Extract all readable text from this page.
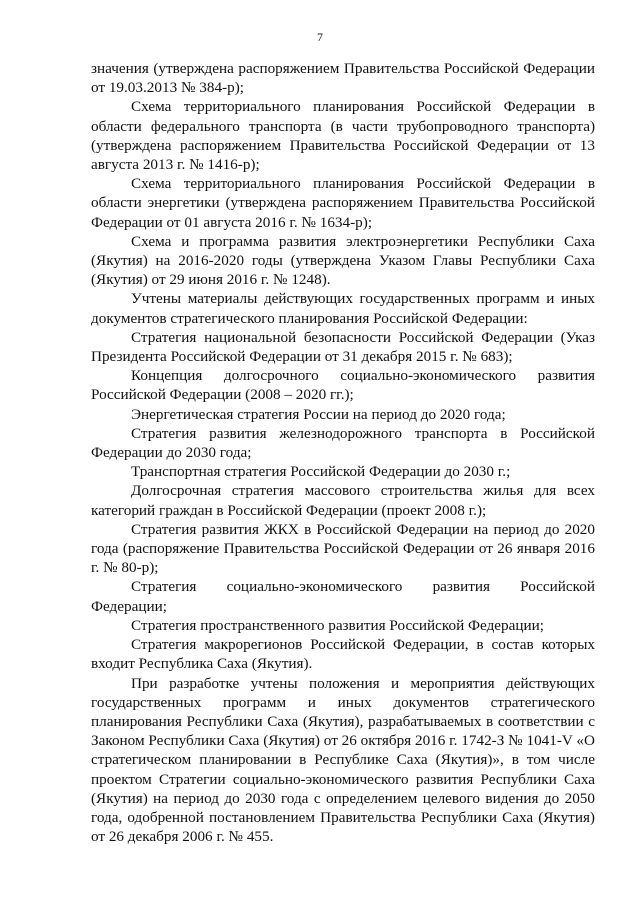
7

значения (утверждена распоряжением Правительства Российской Федерации от 19.03.2013 № 384-р);

Схема территориального планирования Российской Федерации в области федерального транспорта (в части трубопроводного транспорта) (утверждена распоряжением Правительства Российской Федерации от 13 августа 2013 г. № 1416-р);

Схема территориального планирования Российской Федерации в области энергетики (утверждена распоряжением Правительства Российской Федерации от 01 августа 2016 г. № 1634-р);

Схема и программа развития электроэнергетики Республики Саха (Якутия) на 2016-2020 годы (утверждена Указом Главы Республики Саха (Якутия) от 29 июня 2016 г. № 1248).

Учтены материалы действующих государственных программ и иных документов стратегического планирования Российской Федерации:

Стратегия национальной безопасности Российской Федерации (Указ Президента Российской Федерации от 31 декабря 2015 г. № 683);

Концепция долгосрочного социально-экономического развития Российской Федерации (2008 – 2020 гг.);

Энергетическая стратегия России на период до 2020 года;

Стратегия развития железнодорожного транспорта в Российской Федерации до 2030 года;

Транспортная стратегия Российской Федерации до 2030 г.;

Долгосрочная стратегия массового строительства жилья для всех категорий граждан в Российской Федерации (проект 2008 г.);

Стратегия развития ЖКХ в Российской Федерации на период до 2020 года (распоряжение Правительства Российской Федерации от 26 января 2016 г. № 80-р);

Стратегия социально-экономического развития Российской Федерации;

Стратегия пространственного развития Российской Федерации;

Стратегия макрорегионов Российской Федерации, в состав которых входит Республика Саха (Якутия).

При разработке учтены положения и мероприятия действующих государственных программ и иных документов стратегического планирования Республики Саха (Якутия), разрабатываемых в соответствии с Законом Республики Саха (Якутия) от 26 октября 2016 г. 1742-З № 1041-V «О стратегическом планировании в Республике Саха (Якутия)», в том числе проектом Стратегии социально-экономического развития Республики Саха (Якутия) на период до 2030 года с определением целевого видения до 2050 года, одобренной постановлением Правительства Республики Саха (Якутия) от 26 декабря 2006 г. № 455.
